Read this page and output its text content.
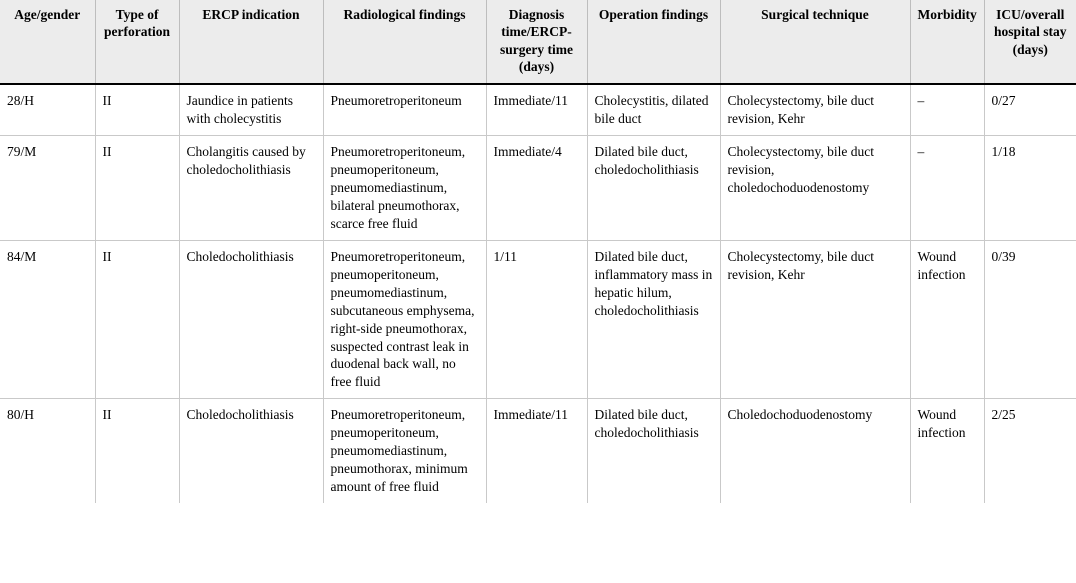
Age/gender	Type of perforation	ERCP indication	Radiological findings	Diagnosis time/ERCP-surgery time (days)	Operation findings	Surgical technique	Morbidity	ICU/overall hospital stay (days)
28/H	II	Jaundice in patients with cholecystitis	Pneumoretroperitoneum	Immediate/11	Cholecystitis, dilated bile duct	Cholecystectomy, bile duct revision, Kehr	–	0/27
79/M	II	Cholangitis caused by choledocholithiasis	Pneumoretroperitoneum, pneumoperitoneum, pneumomediastinum, bilateral pneumothorax, scarce free fluid	Immediate/4	Dilated bile duct, choledocholithiasis	Cholecystectomy, bile duct revision, choledochoduodenostomy	–	1/18
84/M	II	Choledocholithiasis	Pneumoretroperitoneum, pneumoperitoneum, pneumomediastinum, subcutaneous emphysema, right-side pneumothorax, suspected contrast leak in duodenal back wall, no free fluid	1/11	Dilated bile duct, inflammatory mass in hepatic hilum, choledocholithiasis	Cholecystectomy, bile duct revision, Kehr	Wound infection	0/39
80/H	II	Choledocholithiasis	Pneumoretroperitoneum, pneumoperitoneum, pneumomediastinum, pneumothorax, minimum amount of free fluid	Immediate/11	Dilated bile duct, choledocholithiasis	Choledochoduodenostomy	Wound infection	2/25
